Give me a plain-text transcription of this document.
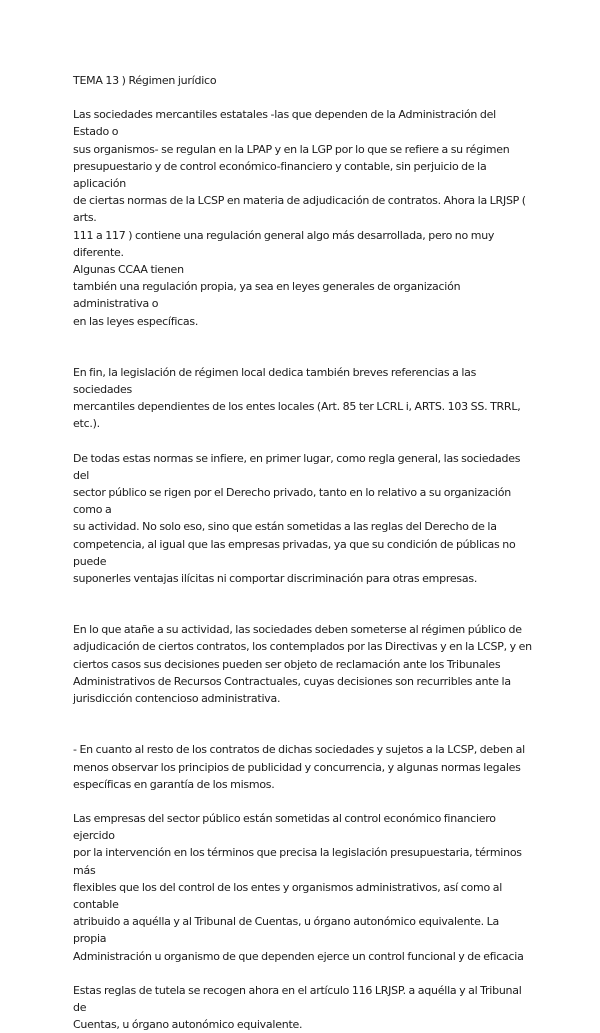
TEMA 13 ) Régimen jurídico

Las sociedades mercantiles estatales -las que dependen de la Administración del Estado o
sus organismos- se regulan en la LPAP y en la LGP por lo que se refiere a su régimen
presupuestario y de control económico-financiero y contable, sin perjuicio de la aplicación
de ciertas normas de la LCSP en materia de adjudicación de contratos. Ahora la LRJSP ( arts.
111 a 117 ) contiene una regulación general algo más desarrollada, pero no muy diferente.
Algunas CCAA tienen
también una regulación propia, ya sea en leyes generales de organización administrativa o
en las leyes específicas.

En fin, la legislación de régimen local dedica también breves referencias a las sociedades
mercantiles dependientes de los entes locales (Art. 85 ter LCRL i, ARTS. 103 SS. TRRL, etc.).

De todas estas normas se infiere, en primer lugar, como regla general, las sociedades del
sector público se rigen por el Derecho privado, tanto en lo relativo a su organización como a
su actividad. No solo eso, sino que están sometidas a las reglas del Derecho de la
competencia, al igual que las empresas privadas, ya que su condición de públicas no puede
suponerles ventajas ilícitas ni comportar discriminación para otras empresas.

En lo que atañe a su actividad, las sociedades deben someterse al régimen público de
adjudicación de ciertos contratos, los contemplados por las Directivas y en la LCSP, y en
ciertos casos sus decisiones pueden ser objeto de reclamación ante los Tribunales
Administrativos de Recursos Contractuales, cuyas decisiones son recurribles ante la
jurisdicción contencioso administrativa.

- En cuanto al resto de los contratos de dichas sociedades y sujetos a la LCSP, deben al
menos observar los principios de publicidad y concurrencia, y algunas normas legales
específicas en garantía de los mismos.

Las empresas del sector público están sometidas al control económico financiero ejercido
por la intervención en los términos que precisa la legislación presupuestaria, términos más
flexibles que los del control de los entes y organismos administrativos, así como al contable
atribuido a aquélla y al Tribunal de Cuentas, u órgano autonómico equivalente. La propia
Administración u organismo de que dependen ejerce un control funcional y de eficacia

Estas reglas de tutela se recogen ahora en el artículo 116 LRJSP. a aquélla y al Tribunal de
Cuentas, u órgano autonómico equivalente.
